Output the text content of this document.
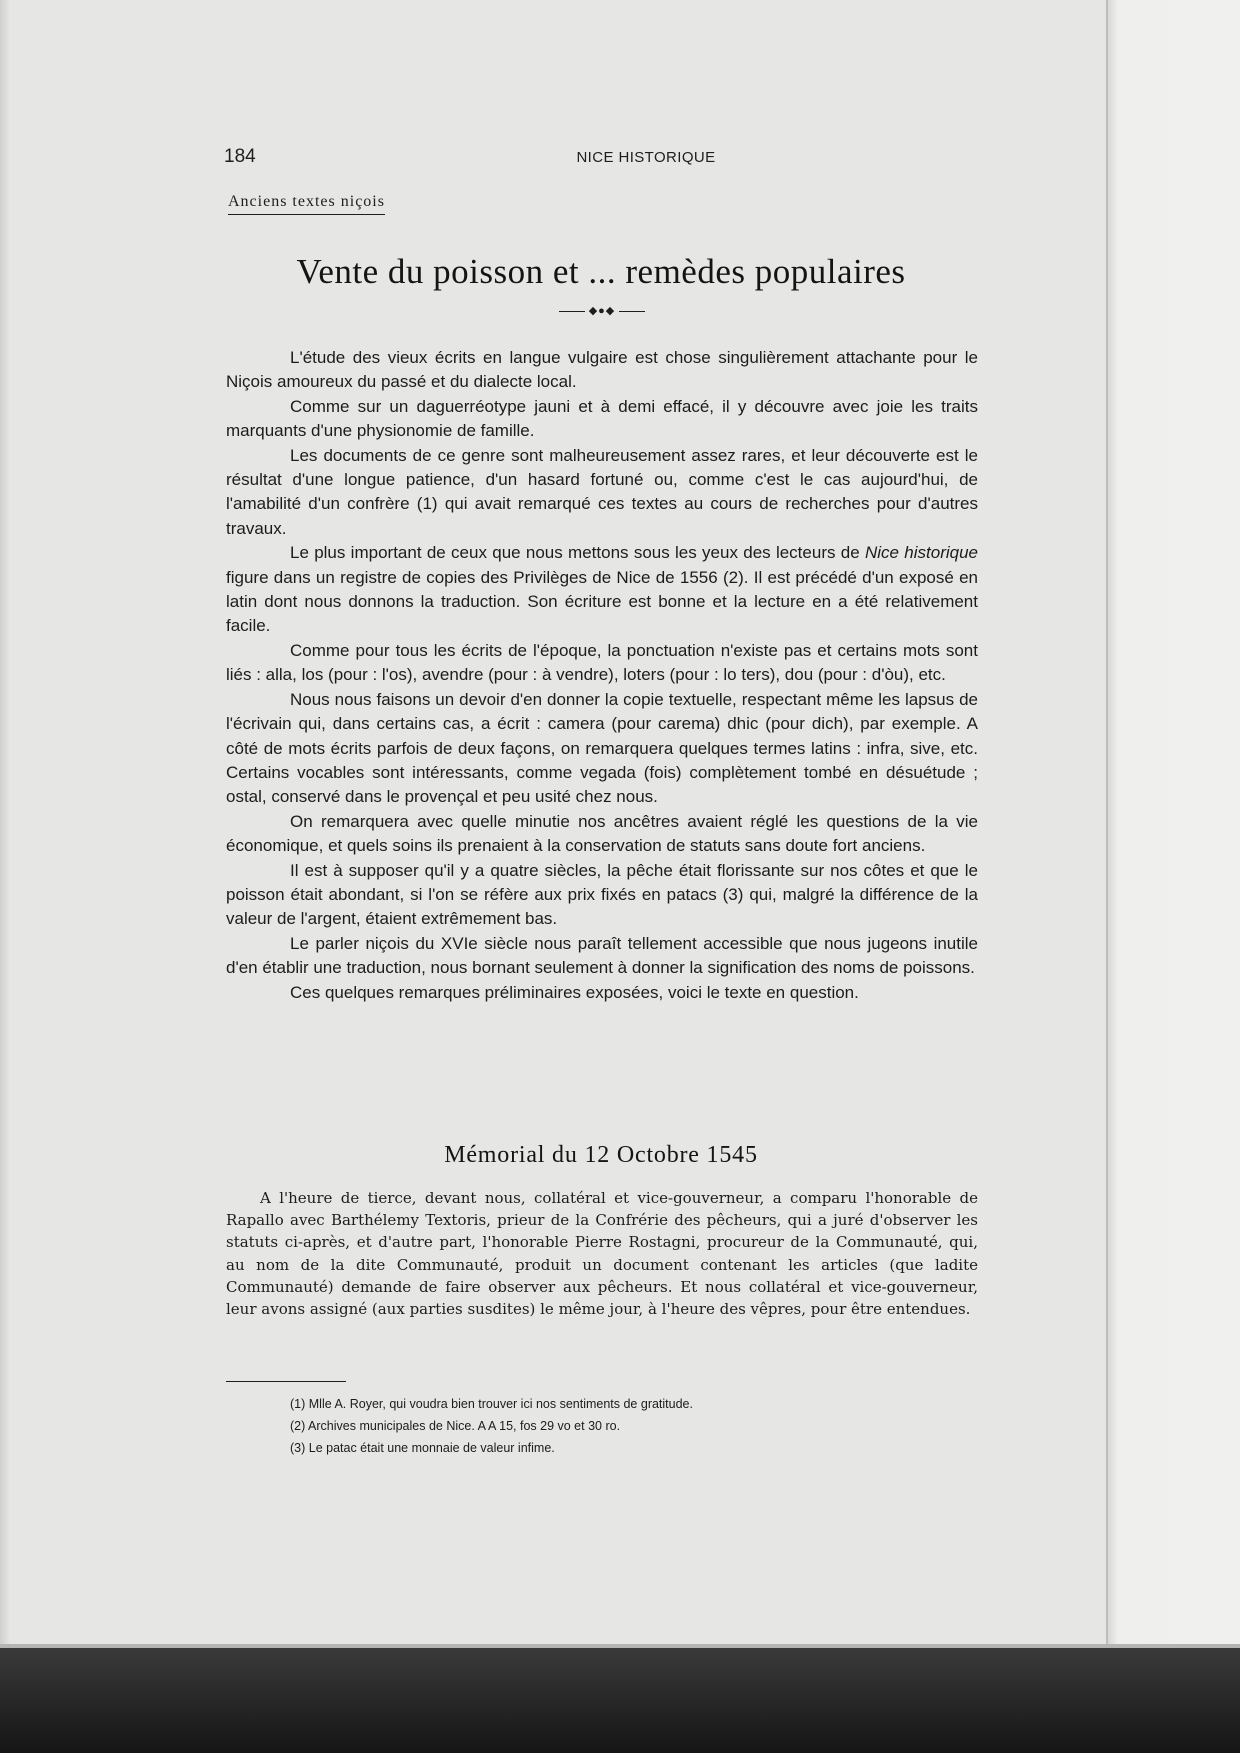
184	NICE HISTORIQUE
Anciens textes niçois
Vente du poisson et ... remèdes populaires
◆●◆

L'étude des vieux écrits en langue vulgaire est chose singulièrement attachante pour le Niçois amoureux du passé et du dialecte local.

Comme sur un daguerréotype jauni et à demi effacé, il y découvre avec joie les traits marquants d'une physionomie de famille.

Les documents de ce genre sont malheureusement assez rares, et leur découverte est le résultat d'une longue patience, d'un hasard fortuné ou, comme c'est le cas aujourd'hui, de l'amabilité d'un confrère (1) qui avait remarqué ces textes au cours de recherches pour d'autres travaux.

Le plus important de ceux que nous mettons sous les yeux des lecteurs de Nice historique figure dans un registre de copies des Privilèges de Nice de 1556 (2). Il est précédé d'un exposé en latin dont nous donnons la traduction. Son écriture est bonne et la lecture en a été relativement facile.

Comme pour tous les écrits de l'époque, la ponctuation n'existe pas et certains mots sont liés : alla, los (pour : l'os), avendre (pour : à vendre), loters (pour : lo ters), dou (pour : d'òu), etc.

Nous nous faisons un devoir d'en donner la copie textuelle, respectant même les lapsus de l'écrivain qui, dans certains cas, a écrit : camera (pour carema) dhic (pour dich), par exemple. A côté de mots écrits parfois de deux façons, on remarquera quelques termes latins : infra, sive, etc. Certains vocables sont intéressants, comme vegada (fois) complètement tombé en désuétude ; ostal, conservé dans le provençal et peu usité chez nous.

On remarquera avec quelle minutie nos ancêtres avaient réglé les questions de la vie économique, et quels soins ils prenaient à la conservation de statuts sans doute fort anciens.

Il est à supposer qu'il y a quatre siècles, la pêche était florissante sur nos côtes et que le poisson était abondant, si l'on se réfère aux prix fixés en patacs (3) qui, malgré la différence de la valeur de l'argent, étaient extrêmement bas.

Le parler niçois du XVIe siècle nous paraît tellement accessible que nous jugeons inutile d'en établir une traduction, nous bornant seulement à donner la signification des noms de poissons.

Ces quelques remarques préliminaires exposées, voici le texte en question.

Mémorial du 12 Octobre 1545

A l'heure de tierce, devant nous, collatéral et vice-gouverneur, a comparu l'honorable de Rapallo avec Barthélemy Textoris, prieur de la Confrérie des pêcheurs, qui a juré d'observer les statuts ci-après, et d'autre part, l'honorable Pierre Rostagni, procureur de la Communauté, qui, au nom de la dite Communauté, produit un document contenant les articles (que ladite Communauté) demande de faire observer aux pêcheurs. Et nous collatéral et vice-gouverneur, leur avons assigné (aux parties susdites) le même jour, à l'heure des vêpres, pour être entendues.

(1) Mlle A. Royer, qui voudra bien trouver ici nos sentiments de gratitude.

(2) Archives municipales de Nice. A A 15, fos 29 vo et 30 ro.

(3) Le patac était une monnaie de valeur infime.
